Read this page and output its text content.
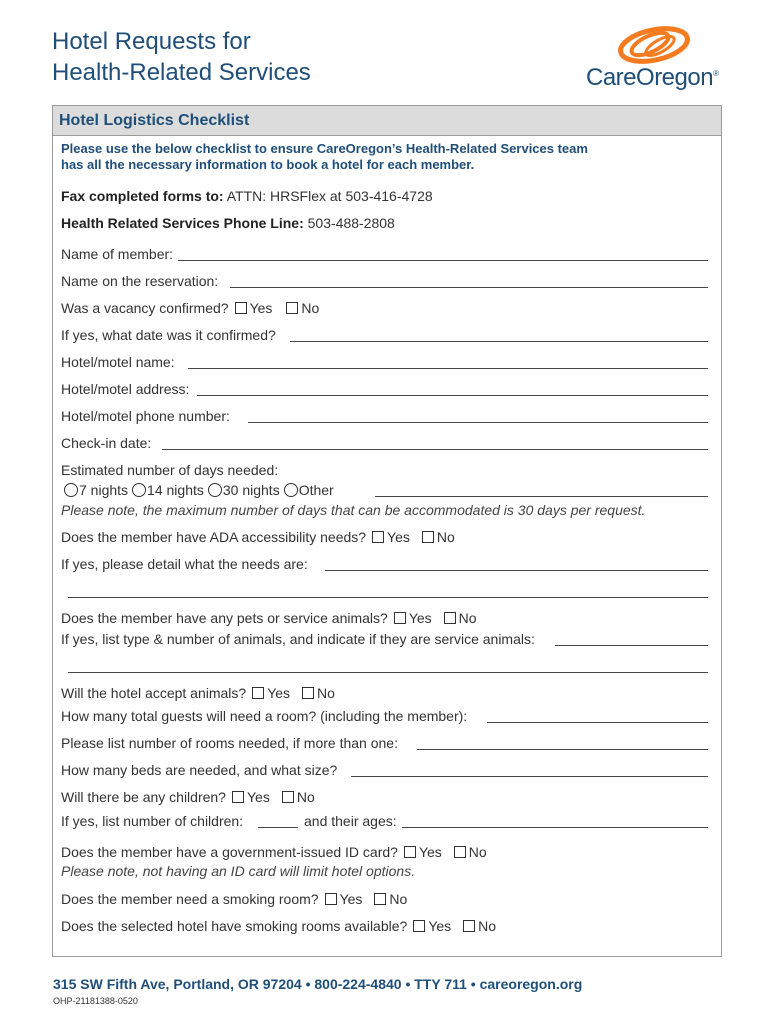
Hotel Requests for
Health-Related Services	CareOregon®
Hotel Logistics Checklist
Please use the below checklist to ensure CareOregon’s Health-Related Services team
has all the necessary information to book a hotel for each member.
Fax completed forms to: ATTN: HRSFlex at 503-416-4728
Health Related Services Phone Line: 503-488-2808
Name of member:
Name on the reservation:
Was a vacancy confirmed? Yes No
If yes, what date was it confirmed?
Hotel/motel name:
Hotel/motel address:
Hotel/motel phone number:
Check-in date:
Estimated number of days needed:
7 nights 14 nights 30 nights Other
Please note, the maximum number of days that can be accommodated is 30 days per request.
Does the member have ADA accessibility needs? Yes No
If yes, please detail what the needs are:
Does the member have any pets or service animals? Yes No
If yes, list type & number of animals, and indicate if they are service animals:
Will the hotel accept animals? Yes No
How many total guests will need a room? (including the member):
Please list number of rooms needed, if more than one:
How many beds are needed, and what size?
Will there be any children? Yes No
If yes, list number of children:	and their ages:
Does the member have a government-issued ID card? Yes No
Please note, not having an ID card will limit hotel options.
Does the member need a smoking room? Yes No
Does the selected hotel have smoking rooms available? Yes No
315 SW Fifth Ave, Portland, OR 97204 • 800-224-4840 • TTY 711 • careoregon.org
OHP-21181388-0520
